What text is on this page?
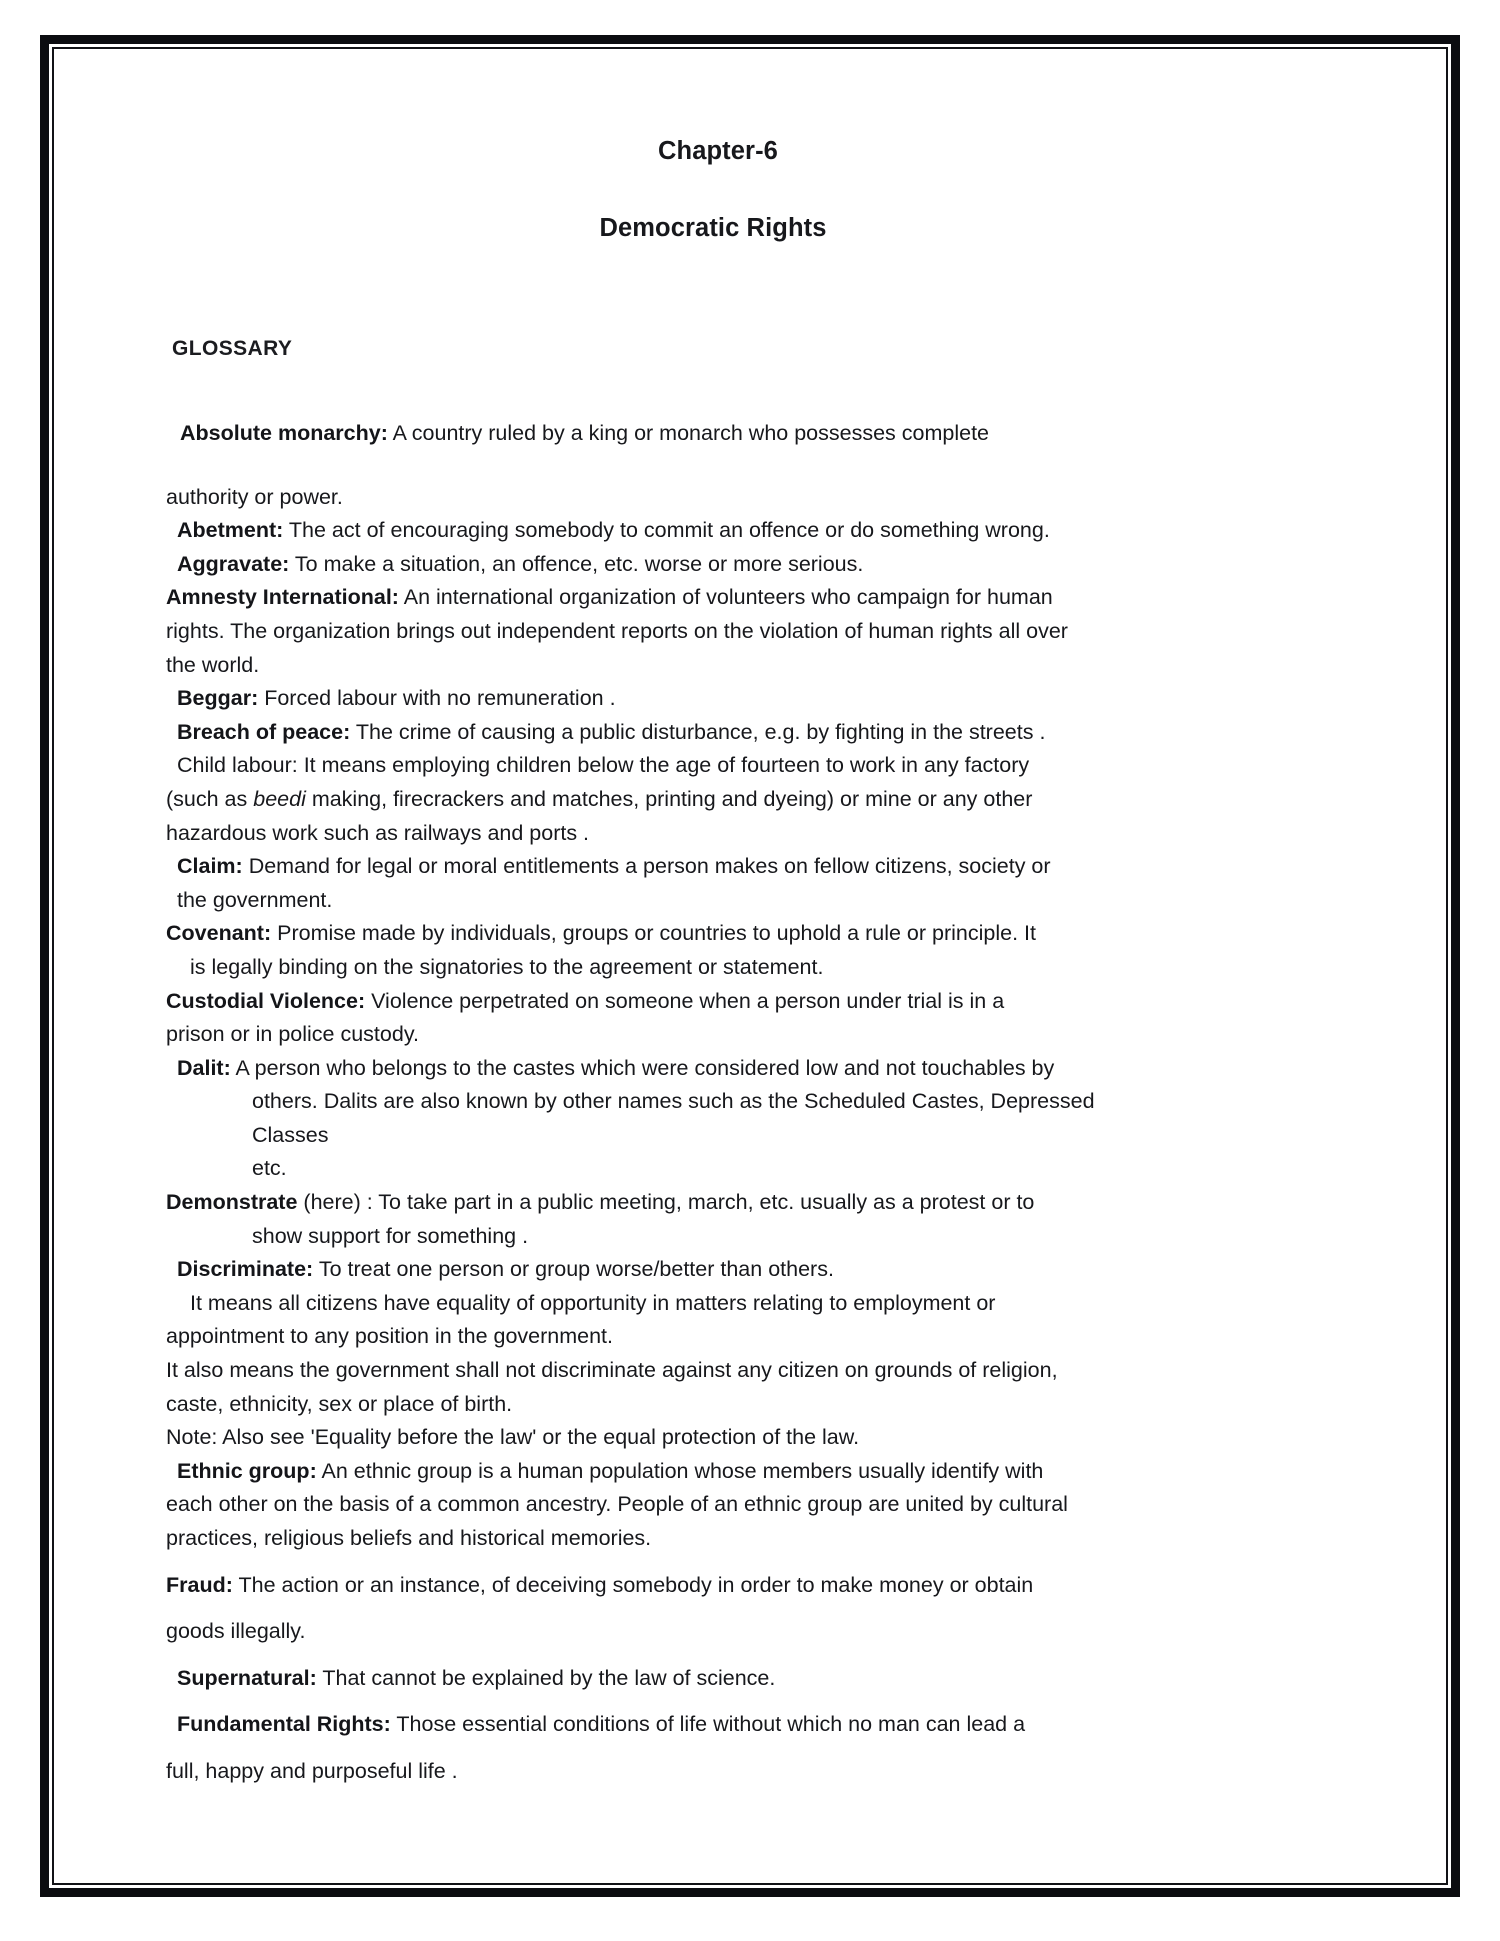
Chapter-6
Democratic Rights
GLOSSARY

Absolute monarchy: A country ruled by a king or monarch who possesses complete

authority or power.

Abetment: The act of encouraging somebody to commit an offence or do something wrong.

Aggravate: To make a situation, an offence, etc. worse or more serious.

Amnesty International: An international organization of volunteers who campaign for human

rights. The organization brings out independent reports on the violation of human rights all over

the world.

Beggar: Forced labour with no remuneration .

Breach of peace: The crime of causing a public disturbance, e.g. by fighting in the streets .

Child labour: It means employing children below the age of fourteen to work in any factory

(such as beedi making, firecrackers and matches, printing and dyeing) or mine or any other

hazardous work such as railways and ports .

Claim: Demand for legal or moral entitlements a person makes on fellow citizens, society or

the government.

Covenant: Promise made by individuals, groups or countries to uphold a rule or principle. It

is legally binding on the signatories to the agreement or statement.

Custodial Violence: Violence perpetrated on someone when a person under trial is in a

prison or in police custody.

Dalit: A person who belongs to the castes which were considered low and not touchables by

others. Dalits are also known by other names such as the Scheduled Castes, Depressed

Classes

etc.

Demonstrate (here) : To take part in a public meeting, march, etc. usually as a protest or to

show support for something .

Discriminate: To treat one person or group worse/better than others.

It means all citizens have equality of opportunity in matters relating to employment or

appointment to any position in the government.

It also means the government shall not discriminate against any citizen on grounds of religion,

caste, ethnicity, sex or place of birth.

Note: Also see 'Equality before the law' or the equal protection of the law.

Ethnic group: An ethnic group is a human population whose members usually identify with

each other on the basis of a common ancestry. People of an ethnic group are united by cultural

practices, religious beliefs and historical memories.

Fraud: The action or an instance, of deceiving somebody in order to make money or obtain

goods illegally.

Supernatural: That cannot be explained by the law of science.

Fundamental Rights: Those essential conditions of life without which no man can lead a

full, happy and purposeful life .
